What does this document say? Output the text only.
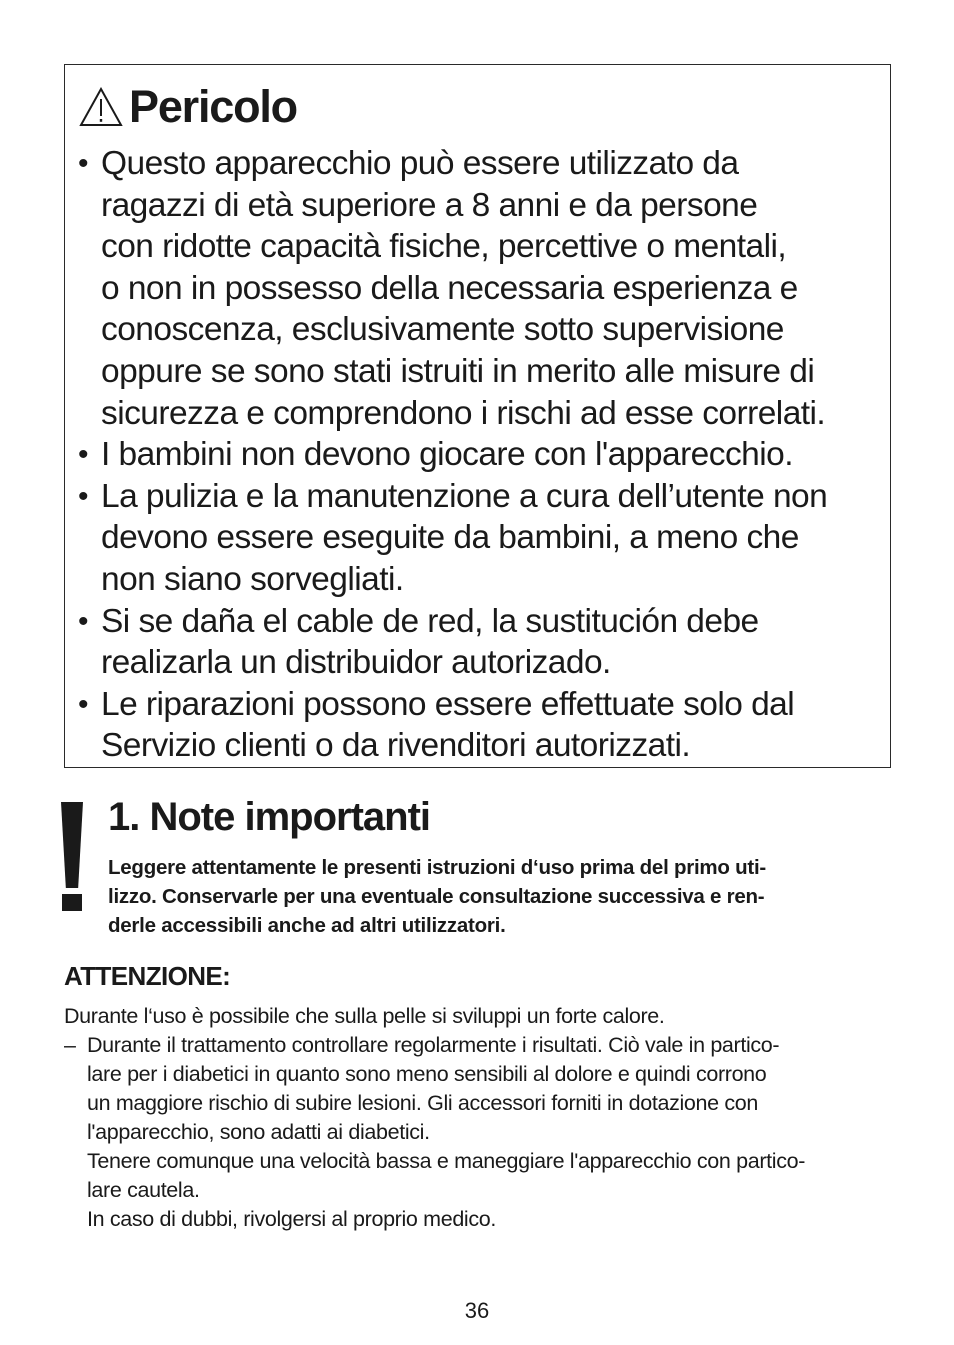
Pericolo
• Questo apparecchio può essere utilizzato da
ragazzi di età superiore a 8 anni e da persone
con ridotte capacità fisiche, percettive o mentali,
o non in possesso della necessaria esperienza e
conoscenza, esclusivamente sotto supervisione
oppure se sono stati istruiti in merito alle misure di
sicurezza e comprendono i rischi ad esse correlati.
• I bambini non devono giocare con l'apparecchio.
• La pulizia e la manutenzione a cura dell’utente non
devono essere eseguite da bambini, a meno che
non siano sorvegliati.
• Si se daña el cable de red, la sustitución debe
realizarla un distribuidor autorizado.
• Le riparazioni possono essere effettuate solo dal
Servizio clienti o da rivenditori autorizzati.
1. Note importanti

Leggere attentamente le presenti istruzioni d‘uso prima del primo uti-
lizzo. Conservarle per una eventuale consultazione successiva e ren-
derle accessibili anche ad altri utilizzatori.

ATTENZIONE:

Durante l‘uso è possibile che sulla pelle si sviluppi un forte calore.

– Durante il trattamento controllare regolarmente i risultati. Ciò vale in partico-
lare per i diabetici in quanto sono meno sensibili al dolore e quindi corrono
un maggiore rischio di subire lesioni. Gli accessori forniti in dotazione con
l'apparecchio, sono adatti ai diabetici.
Tenere comunque una velocità bassa e maneggiare l'apparecchio con partico-
lare cautela.
In caso di dubbi, rivolgersi al proprio medico.
36
